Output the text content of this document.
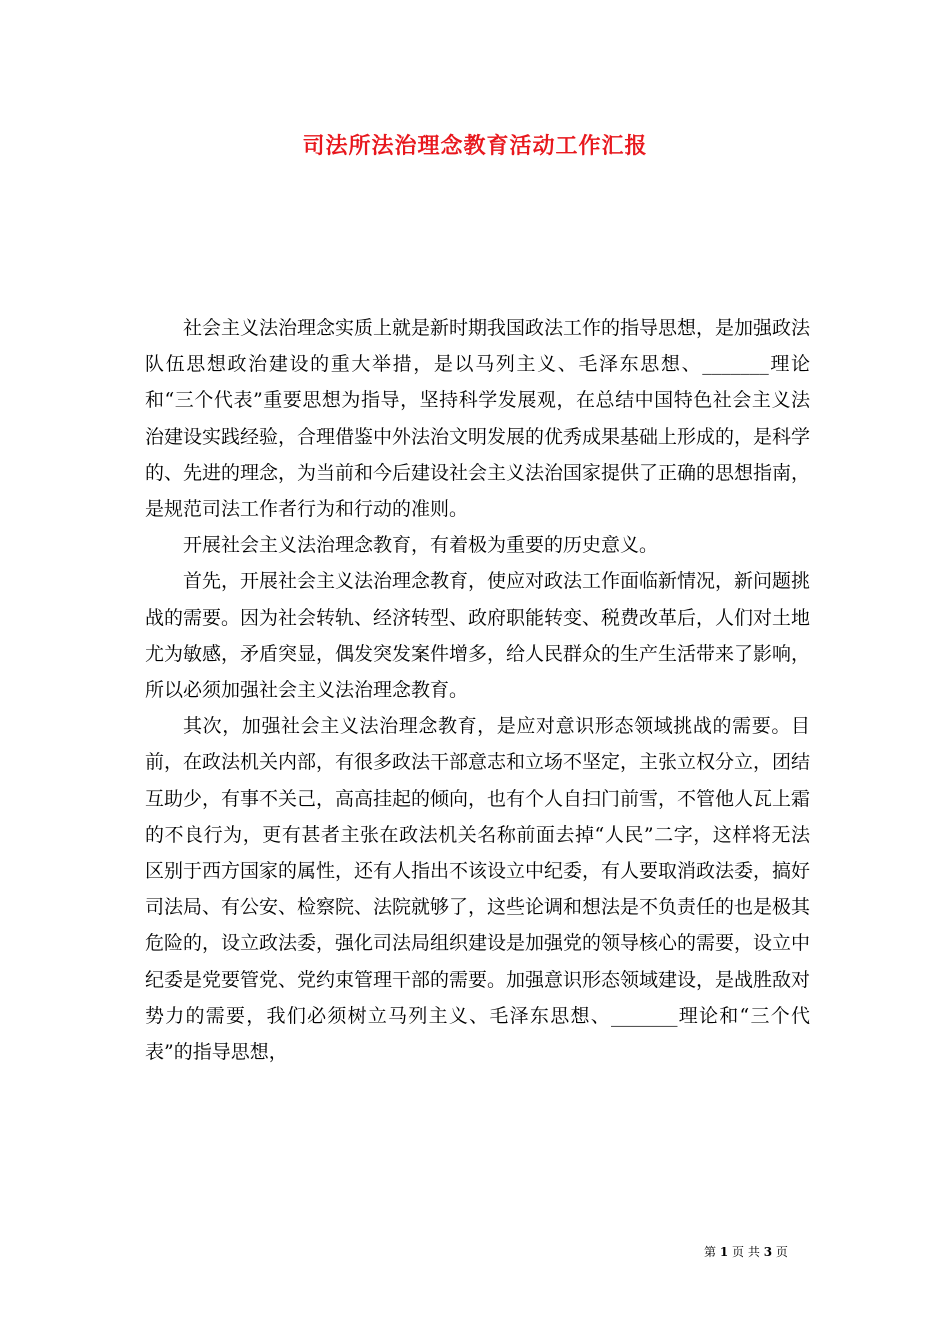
司法所法治理念教育活动工作汇报

社会主义法治理念实质上就是新时期我国政法工作的指导思想，是加强政法队伍思想政治建设的重大举措，是以马列主义、毛泽东思想、_______理论和“三个代表”重要思想为指导，坚持科学发展观，在总结中国特色社会主义法治建设实践经验，合理借鉴中外法治文明发展的优秀成果基础上形成的，是科学的、先进的理念，为当前和今后建设社会主义法治国家提供了正确的思想指南，是规范司法工作者行为和行动的准则。

开展社会主义法治理念教育，有着极为重要的历史意义。

首先，开展社会主义法治理念教育，使应对政法工作面临新情况，新问题挑战的需要。因为社会转轨、经济转型、政府职能转变、税费改革后，人们对土地尤为敏感，矛盾突显，偶发突发案件增多，给人民群众的生产生活带来了影响，所以必须加强社会主义法治理念教育。

其次，加强社会主义法治理念教育，是应对意识形态领域挑战的需要。目前，在政法机关内部，有很多政法干部意志和立场不坚定，主张立权分立，团结互助少，有事不关己，高高挂起的倾向，也有个人自扫门前雪，不管他人瓦上霜的不良行为，更有甚者主张在政法机关名称前面去掉“人民”二字，这样将无法区别于西方国家的属性，还有人指出不该设立中纪委，有人要取消政法委，搞好司法局、有公安、检察院、法院就够了，这些论调和想法是不负责任的也是极其危险的，设立政法委，强化司法局组织建设是加强党的领导核心的需要，设立中纪委是党要管党、党约束管理干部的需要。加强意识形态领域建设，是战胜敌对势力的需要，我们必须树立马列主义、毛泽东思想、_______理论和“三个代表”的指导思想，

第 1 页 共 3 页
